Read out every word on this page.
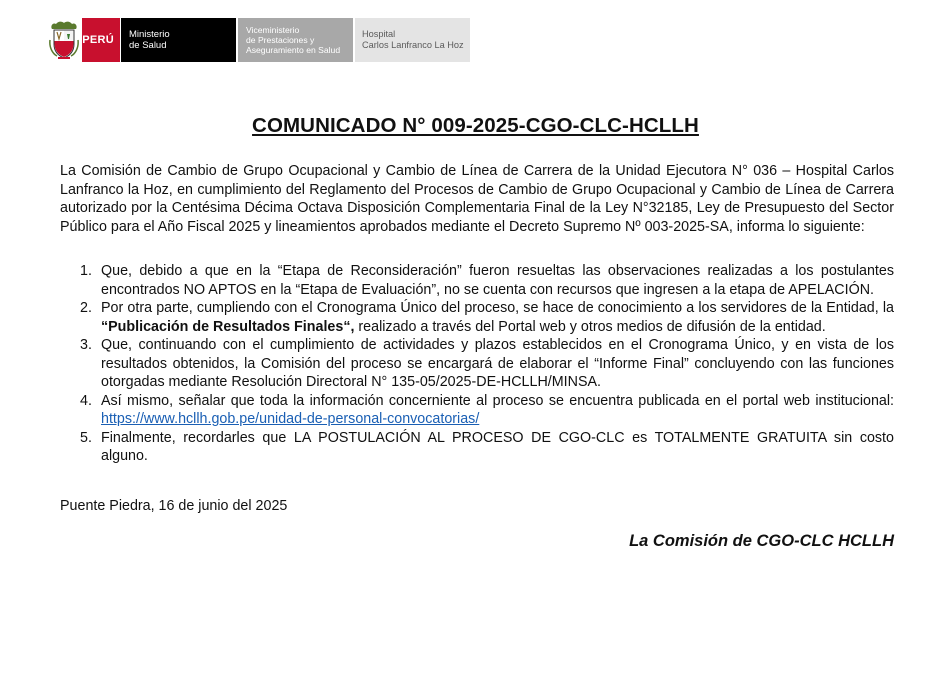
PERÚ Ministerio
de Salud
Viceministerio
de Prestaciones y
Aseguramiento en Salud
Hospital
Carlos Lanfranco La Hoz
COMUNICADO N° 009-2025-CGO-CLC-HCLLH
La Comisión de Cambio de Grupo Ocupacional y Cambio de Línea de Carrera de la Unidad Ejecutora N° 036 – Hospital Carlos Lanfranco la Hoz, en cumplimiento del Reglamento del Procesos de Cambio de Grupo Ocupacional y Cambio de Línea de Carrera autorizado por la Centésima Décima Octava Disposición Complementaria Final de la Ley N°32185, Ley de Presupuesto del Sector Público para el Año Fiscal 2025 y lineamientos aprobados mediante el Decreto Supremo Nº 003-2025-SA, informa lo siguiente:
1. Que, debido a que en la “Etapa de Reconsideración” fueron resueltas las observaciones realizadas a los postulantes encontrados NO APTOS en la “Etapa de Evaluación”, no se cuenta con recursos que ingresen a la etapa de APELACIÓN.
2. Por otra parte, cumpliendo con el Cronograma Único del proceso, se hace de conocimiento a los servidores de la Entidad, la “Publicación de Resultados Finales“, realizado a través del Portal web y otros medios de difusión de la entidad.
3. Que, continuando con el cumplimiento de actividades y plazos establecidos en el Cronograma Único, y en vista de los resultados obtenidos, la Comisión del proceso se encargará de elaborar el “Informe Final” concluyendo con las funciones otorgadas mediante Resolución Directoral N° 135-05/2025-DE-HCLLH/MINSA.
4. Así mismo, señalar que toda la información concerniente al proceso se encuentra publicada en el portal web institucional: https://www.hcllh.gob.pe/unidad-de-personal-convocatorias/
5. Finalmente, recordarles que LA POSTULACIÓN AL PROCESO DE CGO-CLC es TOTALMENTE GRATUITA sin costo alguno.
Puente Piedra, 16 de junio del 2025
La Comisión de CGO-CLC HCLLH
